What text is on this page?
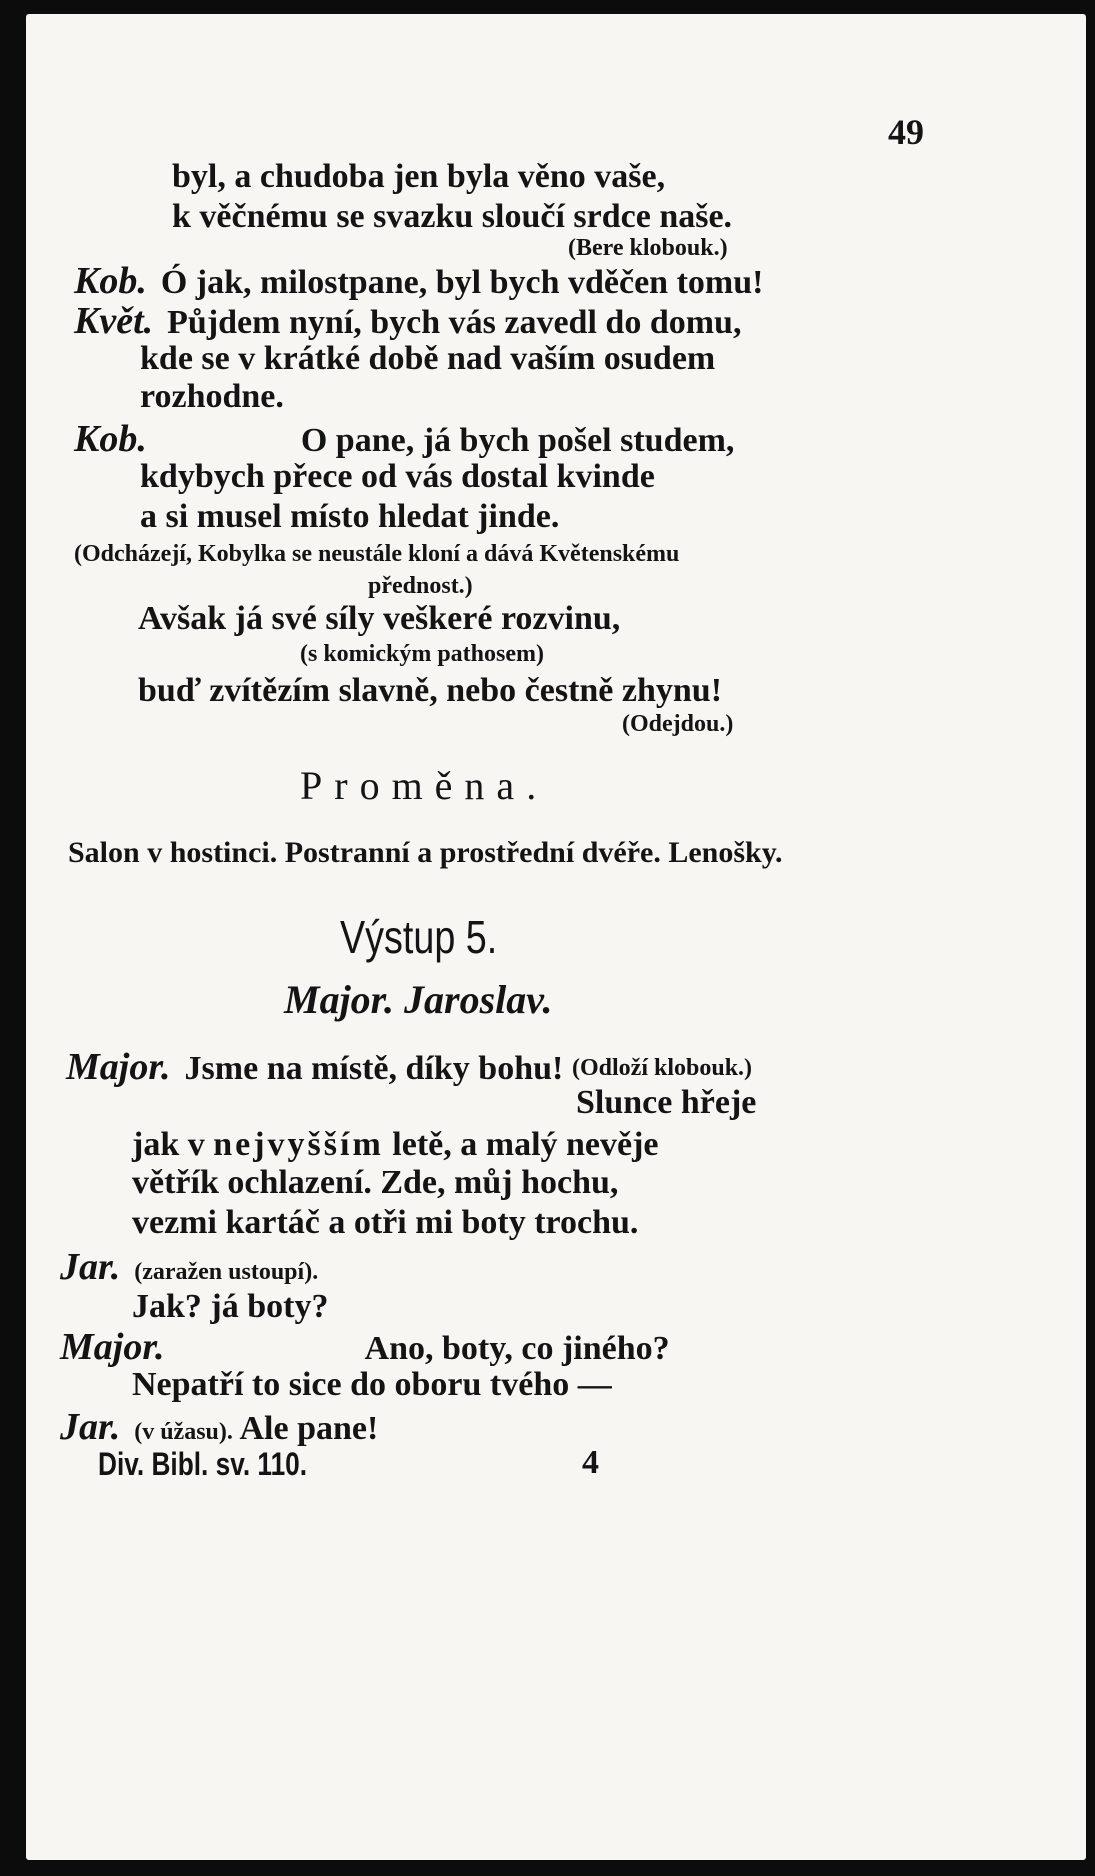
49
byl, a chudoba jen byla věno vaše,
k věčnému se svazku sloučí srdce naše.
(Bere klobouk.)
Kob. Ó jak, milostpane, byl bych vděčen tomu!
Květ. Půjdem nyní, bych vás zavedl do domu,
kde se v krátké době nad vaším osudem
rozhodne.
Kob.	O pane, já bych pošel studem,
kdybych přece od vás dostal kvinde
a si musel místo hledat jinde.
(Odcházejí, Kobylka se neustále kloní a dává Květenskému
přednost.)
Avšak já své síly veškeré rozvinu,
(s komickým pathosem)
buď zvítězím slavně, nebo čestně zhynu!
(Odejdou.)
Proměna.
Salon v hostinci. Postranní a prostřední dvéře. Lenošky.
Výstup 5.
Major. Jaroslav.
Major. Jsme na místě, díky bohu! (Odloží klobouk.)
Slunce hřeje
jak v nejvyšším letě, a malý nevěje
větřík ochlazení. Zde, můj hochu,
vezmi kartáč a otři mi boty trochu.
Jar. (zaražen ustoupí).
Jak? já boty?
Major.	Ano, boty, co jiného?
Nepatří to sice do oboru tvého —
Jar. (v úžasu). Ale pane!
Div. Bibl. sv. 110.	4
